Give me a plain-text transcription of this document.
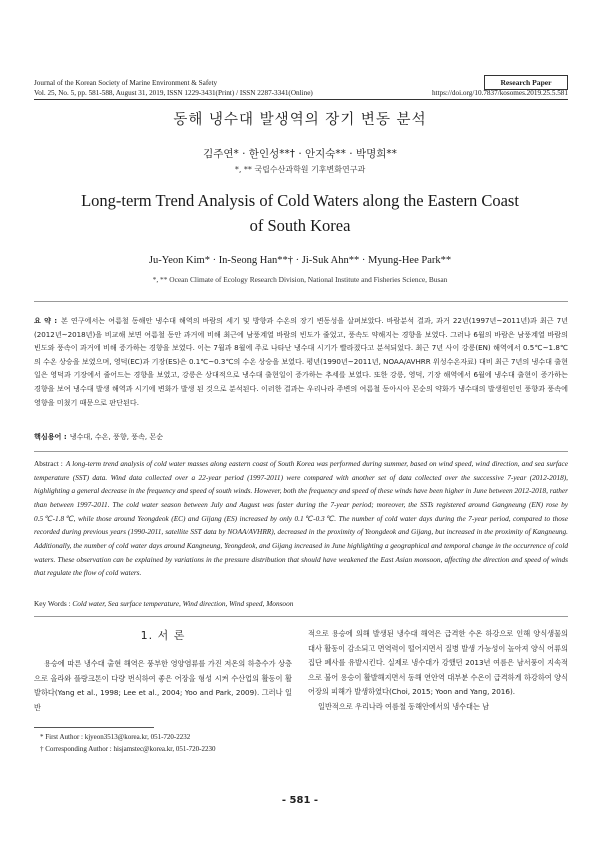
Journal of the Korean Society of Marine Environment & Safety	Research Paper
Vol. 25, No. 5, pp. 581-588, August 31, 2019, ISSN 1229-3431(Print) / ISSN 2287-3341(Online)	https://doi.org/10.7837/kosomes.2019.25.5.581
동해 냉수대 발생역의 장기 변동 분석
김주연* · 한인성**† · 안지숙** · 박명희**
*, ** 국립수산과학원 기후변화연구과
Long-term Trend Analysis of Cold Waters along the Eastern Coast of South Korea
Ju-Yeon Kim* · In-Seong Han**† · Ji-Suk Ahn** · Myung-Hee Park**
*, ** Ocean Climate of Ecology Research Division, National Institute and Fisheries Science, Busan
요 약 : 본 연구에서는 여름철 동해안 냉수대 해역의 바람의 세기 및 방향과 수온의 장기 변동성을 살펴보았다. 바람분석 결과, 과거 22년(1997년~2011년)과 최근 7년(2012년~2018년)을 비교해 보면 여름철 동안 과거에 비해 최근에 남풍계열 바람의 빈도가 줄었고, 풍속도 약해지는 경향을 보였다. 그러나 6월의 바람은 남풍계열 바람의 빈도와 풍속이 과거에 비해 증가하는 경향을 보였다. 이는 7월과 8월에 주로 나타난 냉수대 시기가 빨라졌다고 분석되었다. 최근 7년 사이 강릉(EN) 해역에서 0.5℃~1.8℃의 수온 상승을 보였으며, 영덕(EC)과 기장(ES)은 0.1℃~0.3℃의 수온 상승을 보였다. 평년(1990년~2011년, NOAA/AVHRR 위성수온자료) 대비 최근 7년의 냉수대 출현일은 영덕과 기장에서 줄어드는 경향을 보였고, 강릉은 상대적으로 냉수대 출현일이 증가하는 추세를 보였다. 또한 강릉, 영덕, 기장 해역에서 6월에 냉수대 출현이 증가하는 경향을 보여 냉수대 발생 해역과 시기에 변화가 발생 된 것으로 분석된다. 이러한 결과는 우리나라 주변의 여름철 동아시아 몬순의 약화가 냉수대의 발생원인인 풍향과 풍속에 영향을 미쳤기 때문으로 판단된다.
핵심용어 : 냉수대, 수온, 풍향, 풍속, 몬순
Abstract : A long-term trend analysis of cold water masses along eastern coast of South Korea was performed during summer, based on wind speed, wind direction, and sea surface temperature (SST) data. Wind data collected over a 22-year period (1997-2011) were compared with another set of data collected over the successive 7-year (2012-2018), highlighting a general decrease in the frequency and speed of south winds. However, both the frequency and speed of these winds have been higher in June between 2012-2018, rather than between 1997-2011. The cold water season between July and August was faster during the 7-year period; moreover, the SSTs registered around Gangneung (EN) rose by 0.5℃-1.8℃, while those around Yeongdeok (EC) and Gijang (ES) increased by only 0.1℃-0.3℃. The number of cold water days during the 7-year period, compared to those recorded during previous years (1990-2011, satellite SST data by NOAA/AVHRR), decreased in the proximity of Yeongdeok and Gijang, but increased in the proximity of Kangneung. Additionally, the number of cold water days around Kangneung, Yeongdeok, and Gijang increased in June highlighting a geographical and temporal change in the occurrence of cold waters. These observation can be explained by variations in the pressure distribution that should have weakened the East Asian monsoon, affecting the direction and speed of winds that regulate the flow of cold waters.
Key Words : Cold water, Sea surface temperature, Wind direction, Wind speed, Monsoon
1. 서 론

용승에 따른 냉수대 출현 해역은 풍부한 영양염류를 가진 저온의 하층수가 상층으로 올라와 플랑크톤이 다량 번식하여 좋은 어장을 형성 시켜 수산업의 활동이 활발하다(Yang et al., 1998; Lee et al., 2004; Yoo and Park, 2009). 그러나 일반

적으로 용승에 의해 발생된 냉수대 해역은 급격한 수온 하강으로 인해 양식생물의 대사 활동이 감소되고 면역력이 떨어지면서 질병 발생 가능성이 높아져 양식 어류의 집단 폐사를 유발시킨다. 실제로 냉수대가 강했던 2013년 여름은 남서풍이 지속적으로 불어 용승이 활발해지면서 동해 연안역 대부분 수온이 급격하게 하강하여 양식 어장의 피해가 발생하였다(Choi, 2015; Yoon and Yang, 2016).

일반적으로 우리나라 여름철 동해안에서의 냉수대는 남

* First Author : kjyeon3513@korea.kr, 051-720-2232
† Corresponding Author : hisjamstec@korea.kr, 051-720-2230
- 581 -
